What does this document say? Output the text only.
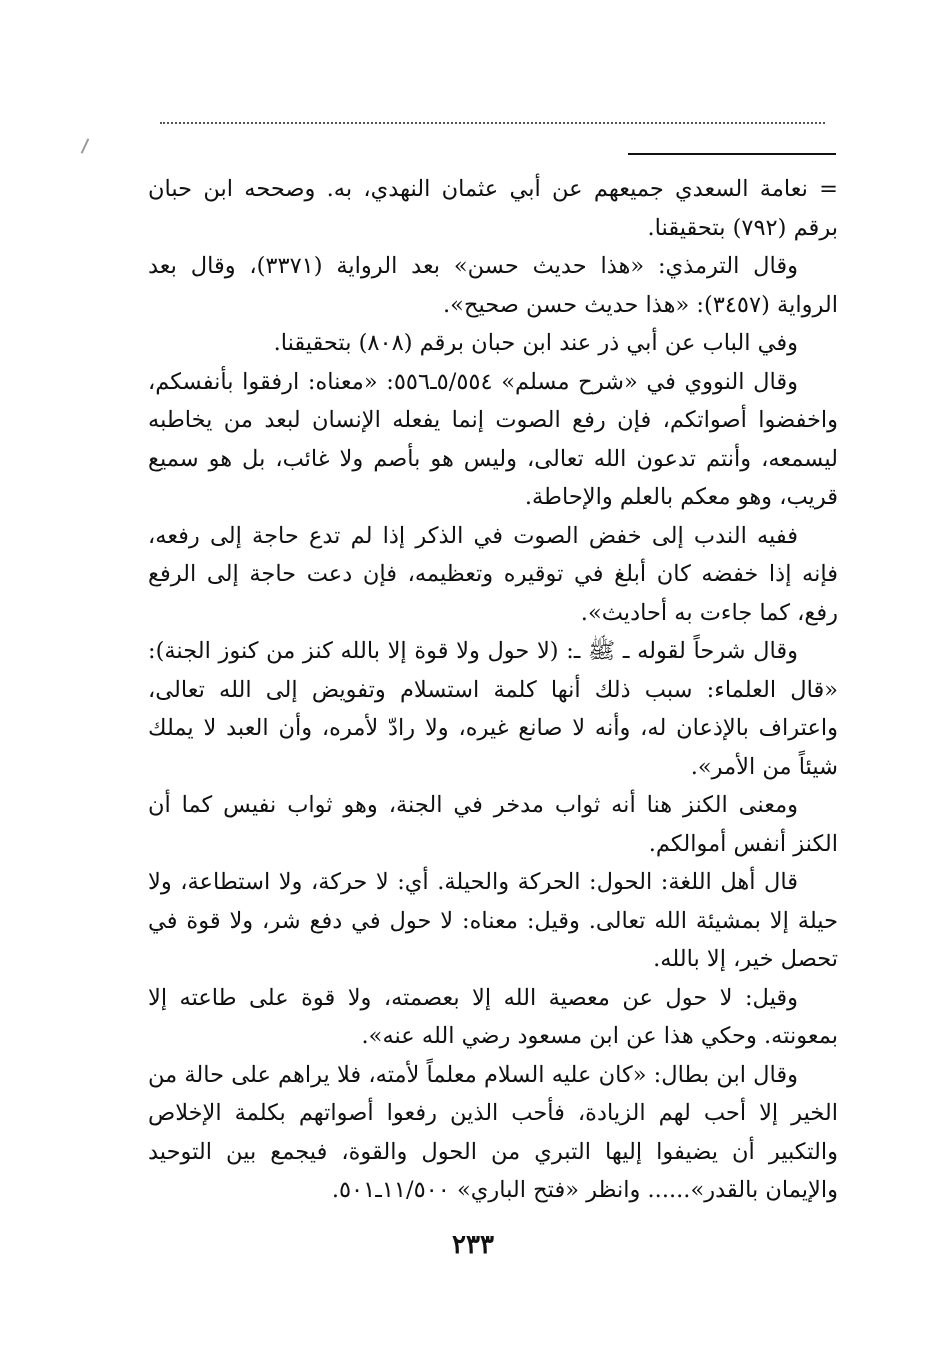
= نعامة السعدي جميعهم عن أبي عثمان النهدي، به. وصححه ابن حبان برقم (٧٩٢) بتحقيقنا.

وقال الترمذي: «هذا حديث حسن» بعد الرواية (٣٣٧١)، وقال بعد الرواية (٣٤٥٧): «هذا حديث حسن صحيح».

وفي الباب عن أبي ذر عند ابن حبان برقم (٨٠٨) بتحقيقنا.

وقال النووي في «شرح مسلم» ٥/٥٥٤ـ٥٥٦: «معناه: ارفقوا بأنفسكم، واخفضوا أصواتكم، فإن رفع الصوت إنما يفعله الإنسان لبعد من يخاطبه ليسمعه، وأنتم تدعون الله تعالى، وليس هو بأصم ولا غائب، بل هو سميع قريب، وهو معكم بالعلم والإحاطة.

ففيه الندب إلى خفض الصوت في الذكر إذا لم تدع حاجة إلى رفعه، فإنه إذا خفضه كان أبلغ في توقيره وتعظيمه، فإن دعت حاجة إلى الرفع رفع، كما جاءت به أحاديث».

وقال شرحاً لقوله ـ ﷺ ـ: (لا حول ولا قوة إلا بالله كنز من كنوز الجنة): «قال العلماء: سبب ذلك أنها كلمة استسلام وتفويض إلى الله تعالى، واعتراف بالإذعان له، وأنه لا صانع غيره، ولا رادّ لأمره، وأن العبد لا يملك شيئاً من الأمر».

ومعنى الكنز هنا أنه ثواب مدخر في الجنة، وهو ثواب نفيس كما أن الكنز أنفس أموالكم.

قال أهل اللغة: الحول: الحركة والحيلة. أي: لا حركة، ولا استطاعة، ولا حيلة إلا بمشيئة الله تعالى. وقيل: معناه: لا حول في دفع شر، ولا قوة في تحصل خير، إلا بالله.

وقيل: لا حول عن معصية الله إلا بعصمته، ولا قوة على طاعته إلا بمعونته. وحكي هذا عن ابن مسعود رضي الله عنه».

وقال ابن بطال: «كان عليه السلام معلماً لأمته، فلا يراهم على حالة من الخير إلا أحب لهم الزيادة، فأحب الذين رفعوا أصواتهم بكلمة الإخلاص والتكبير أن يضيفوا إليها التبري من الحول والقوة، فيجمع بين التوحيد والإيمان بالقدر»...... وانظر «فتح الباري» ١١/٥٠٠ـ٥٠١.

٢٣٣
